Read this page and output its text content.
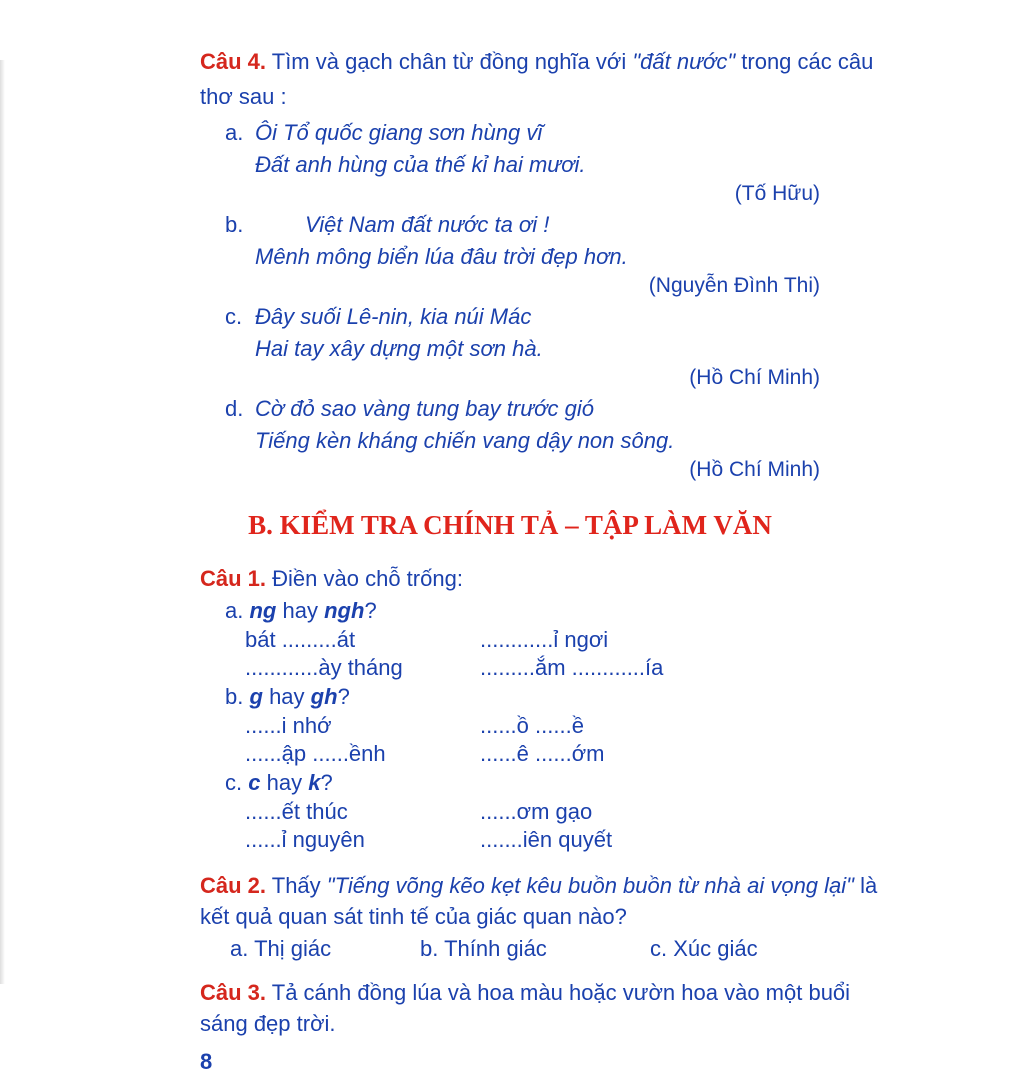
Câu 4. Tìm và gạch chân từ đồng nghĩa với "đất nước" trong các câu
thơ sau :
a. Ôi Tổ quốc giang sơn hùng vĩ
Đất anh hùng của thế kỉ hai mươi.
(Tố Hữu)
b.	Việt Nam đất nước ta ơi !
Mênh mông biển lúa đâu trời đẹp hơn.
(Nguyễn Đình Thi)
c. Đây suối Lê-nin, kia núi Mác
Hai tay xây dựng một sơn hà.
(Hồ Chí Minh)
d. Cờ đỏ sao vàng tung bay trước gió
Tiếng kèn kháng chiến vang dậy non sông.
(Hồ Chí Minh)
B. KIỂM TRA CHÍNH TẢ – TẬP LÀM VĂN
Câu 1. Điền vào chỗ trống:
a. ng hay ngh?
bát .........át	............ỉ ngơi
............ày tháng	.........ắm ............ía
b. g hay gh?
......i nhớ	......ồ ......ề
......ập ......ềnh	......ê ......ớm
c. c hay k?
......ết thúc	......ơm gạo
......ỉ nguyên	.......iên quyết
Câu 2. Thấy "Tiếng võng kẽo kẹt kêu buồn buồn từ nhà ai vọng lại" là
kết quả quan sát tinh tế của giác quan nào?
a. Thị giác	b. Thính giác	c. Xúc giác
Câu 3. Tả cánh đồng lúa và hoa màu hoặc vườn hoa vào một buổi
sáng đẹp trời.
8
